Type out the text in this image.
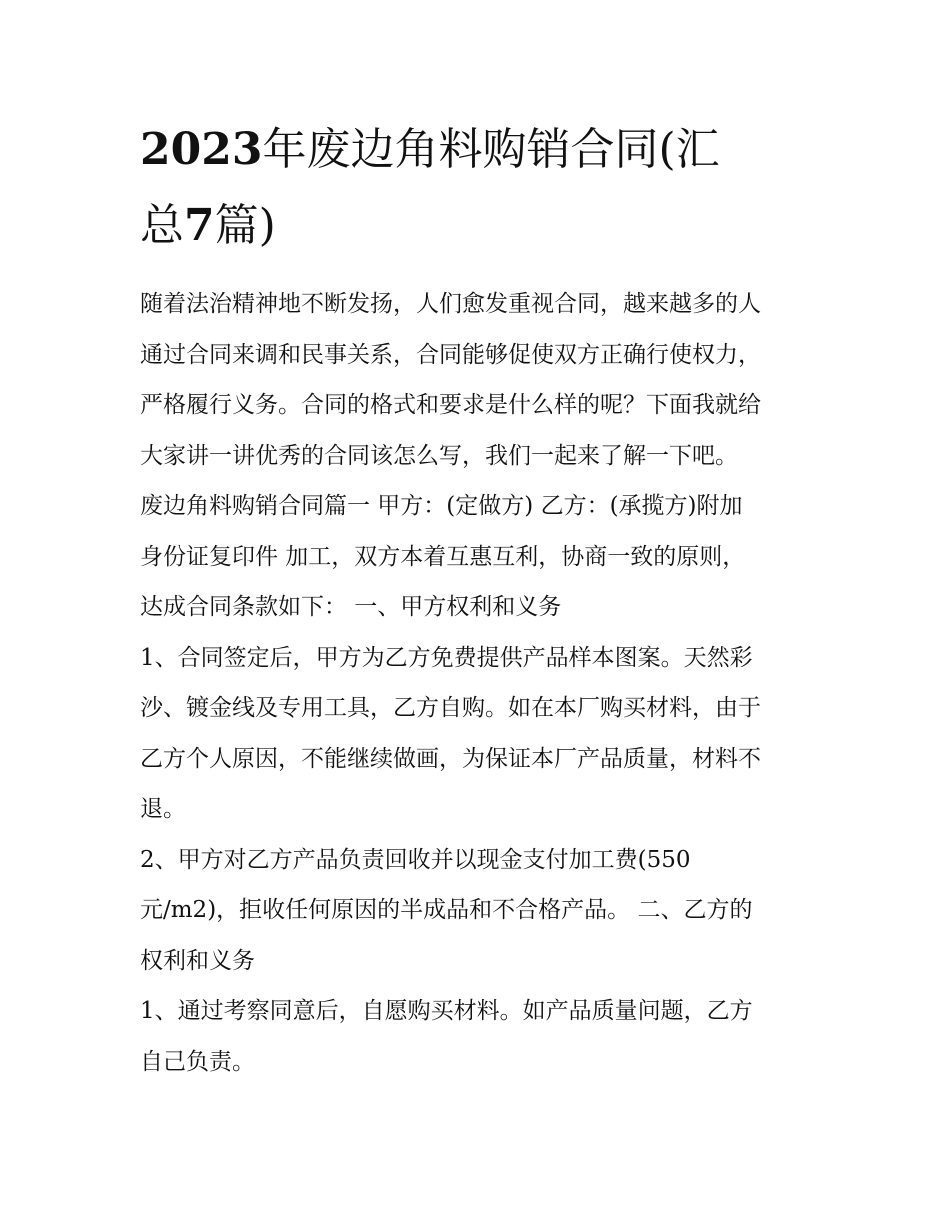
2023年废边角料购销合同(汇
总7篇)

随着法治精神地不断发扬，人们愈发重视合同，越来越多的人
通过合同来调和民事关系，合同能够促使双方正确行使权力，
严格履行义务。合同的格式和要求是什么样的呢？下面我就给
大家讲一讲优秀的合同该怎么写，我们一起来了解一下吧。
废边角料购销合同篇一 甲方：(定做方) 乙方：(承揽方)附加
身份证复印件 加工，双方本着互惠互利，协商一致的原则，
达成合同条款如下： 一、甲方权利和义务

1、合同签定后，甲方为乙方免费提供产品样本图案。天然彩
沙、镀金线及专用工具，乙方自购。如在本厂购买材料，由于
乙方个人原因，不能继续做画，为保证本厂产品质量，材料不
退。

2、甲方对乙方产品负责回收并以现金支付加工费(550
元/m2)，拒收任何原因的半成品和不合格产品。 二、乙方的
权利和义务

1、通过考察同意后，自愿购买材料。如产品质量问题，乙方
自己负责。
